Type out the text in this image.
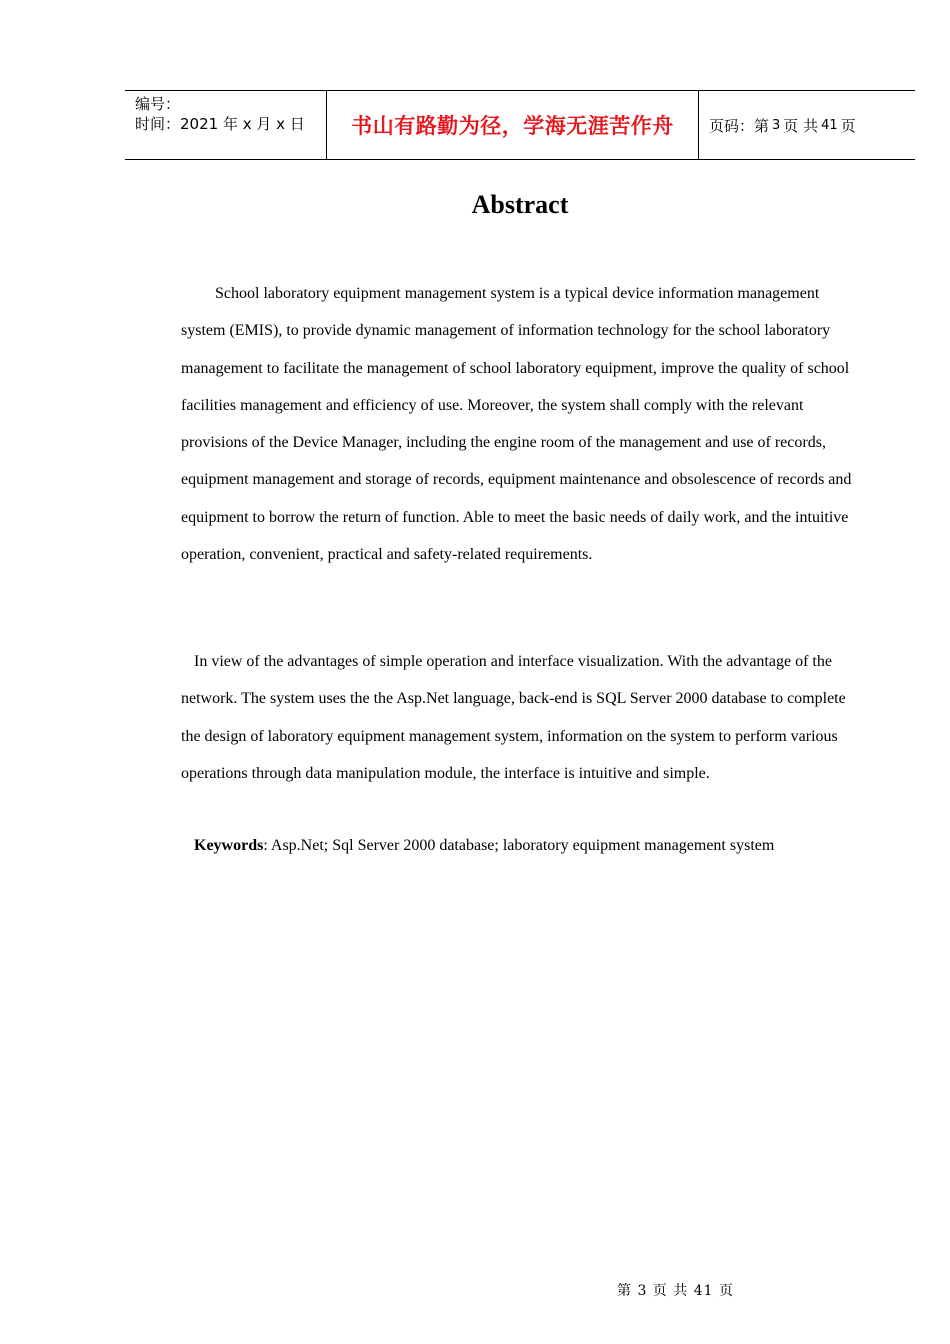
编号：
时间：2021 年 x 月 x 日 书山有路勤为径，学海无涯苦作舟 页码：第 3 页 共 41 页
Abstract

School laboratory equipment management system is a typical device information management system (EMIS), to provide dynamic management of information technology for the school laboratory management to facilitate the management of school laboratory equipment, improve the quality of school facilities management and efficiency of use. Moreover, the system shall comply with the relevant provisions of the Device Manager, including the engine room of the management and use of records, equipment management and storage of records, equipment maintenance and obsolescence of records and equipment to borrow the return of function. Able to meet the basic needs of daily work, and the intuitive operation, convenient, practical and safety-related requirements.

In view of the advantages of simple operation and interface visualization. With the advantage of the network. The system uses the the Asp.Net language, back-end is SQL Server 2000 database to complete the design of laboratory equipment management system, information on the system to perform various operations through data manipulation module, the interface is intuitive and simple.

Keywords: Asp.Net; Sql Server 2000 database; laboratory equipment management system
第 3 页 共 41 页
